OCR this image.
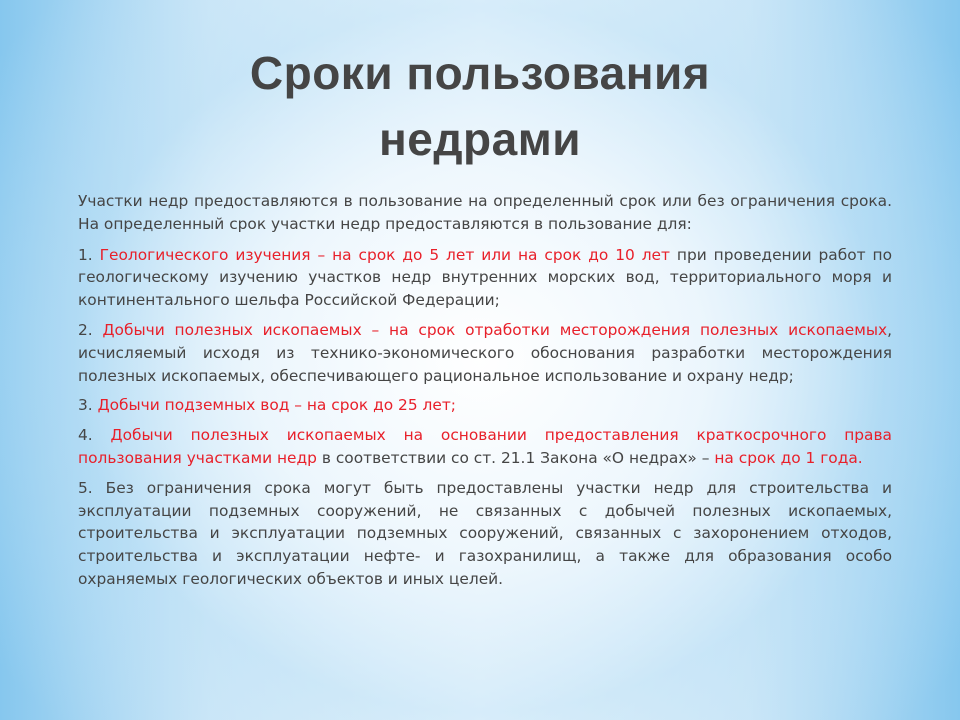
Сроки пользования
недрами

Участки недр предоставляются в пользование на определенный срок или без ограничения срока. На определенный срок участки недр предоставляются в пользование для:

1. Геологического изучения – на срок до 5 лет или на срок до 10 лет при проведении работ по геологическому изучению участков недр внутренних морских вод, территориального моря и континентального шельфа Российской Федерации;

2. Добычи полезных ископаемых – на срок отработки месторождения полезных ископаемых, исчисляемый исходя из технико-экономического обоснования разработки месторождения полезных ископаемых, обеспечивающего рациональное использование и охрану недр;

3. Добычи подземных вод – на срок до 25 лет;

4. Добычи полезных ископаемых на основании предоставления краткосрочного права пользования участками недр в соответствии со ст. 21.1 Закона «О недрах» – на срок до 1 года.

5. Без ограничения срока могут быть предоставлены участки недр для строительства и эксплуатации подземных сооружений, не связанных с добычей полезных ископаемых, строительства и эксплуатации подземных сооружений, связанных с захоронением отходов, строительства и эксплуатации нефте- и газохранилищ, а также для образования особо охраняемых геологических объектов и иных целей.
